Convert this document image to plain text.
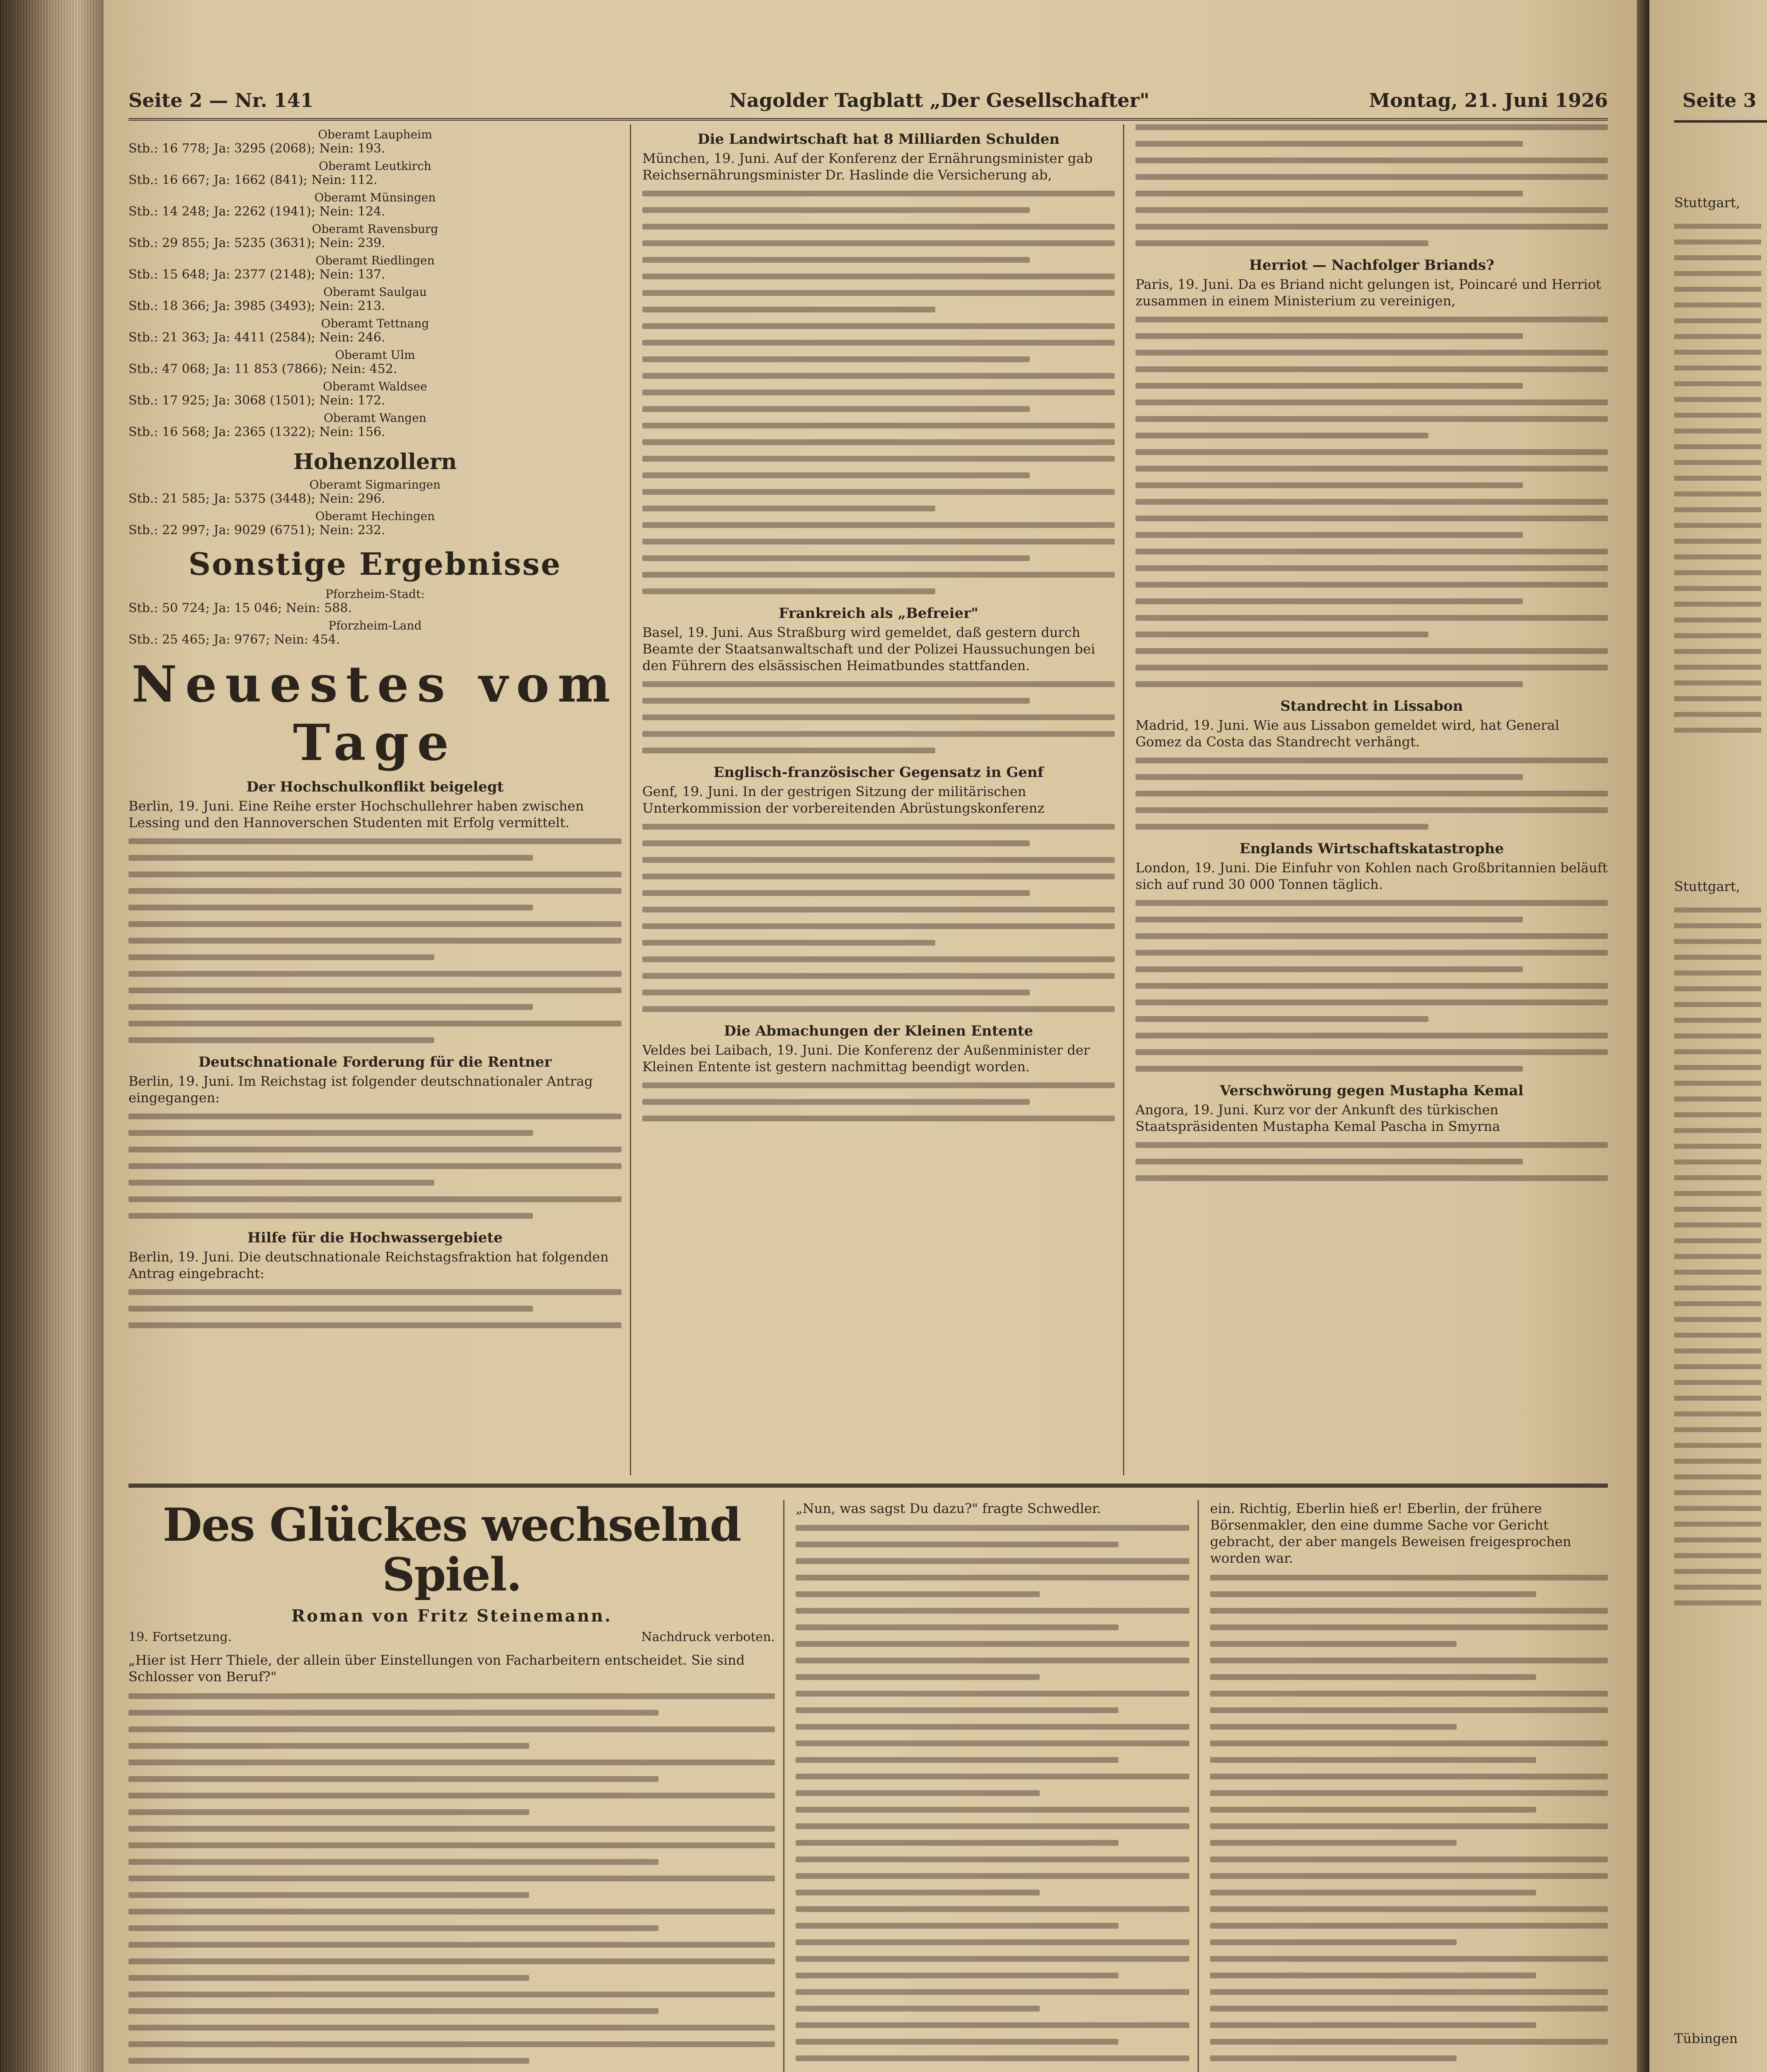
Seite 2 — Nr. 141	Nagolder Tagblatt „Der Gesellschafter"	Montag, 21. Juni 1926
Oberamt Laupheim
Stb.: 16 778; Ja: 3295 (2068); Nein: 193.
Oberamt Leutkirch
Stb.: 16 667; Ja: 1662 (841); Nein: 112.
Oberamt Münsingen
Stb.: 14 248; Ja: 2262 (1941); Nein: 124.
Oberamt Ravensburg
Stb.: 29 855; Ja: 5235 (3631); Nein: 239.
Oberamt Riedlingen
Stb.: 15 648; Ja: 2377 (2148); Nein: 137.
Oberamt Saulgau
Stb.: 18 366; Ja: 3985 (3493); Nein: 213.
Oberamt Tettnang
Stb.: 21 363; Ja: 4411 (2584); Nein: 246.
Oberamt Ulm
Stb.: 47 068; Ja: 11 853 (7866); Nein: 452.
Oberamt Waldsee
Stb.: 17 925; Ja: 3068 (1501); Nein: 172.
Oberamt Wangen
Stb.: 16 568; Ja: 2365 (1322); Nein: 156.
Hohenzollern
Oberamt Sigmaringen
Stb.: 21 585; Ja: 5375 (3448); Nein: 296.
Oberamt Hechingen
Stb.: 22 997; Ja: 9029 (6751); Nein: 232.
Sonstige Ergebnisse
Pforzheim-Stadt:
Stb.: 50 724; Ja: 15 046; Nein: 588.
Pforzheim-Land
Stb.: 25 465; Ja: 9767; Nein: 454.
Neuestes vom Tage
Der Hochschulkonflikt beigelegt
Berlin, 19. Juni. Eine Reihe erster Hochschullehrer haben zwischen Lessing und den Hannoverschen Studenten mit Erfolg vermittelt.
Deutschnationale Forderung für die Rentner
Berlin, 19. Juni. Im Reichstag ist folgender deutschnationaler Antrag eingegangen:
Hilfe für die Hochwassergebiete
Berlin, 19. Juni. Die deutschnationale Reichstagsfraktion hat folgenden Antrag eingebracht:
Die Landwirtschaft hat 8 Milliarden Schulden
München, 19. Juni. Auf der Konferenz der Ernährungsminister gab Reichsernährungsminister Dr. Haslinde die Versicherung ab,
Frankreich als „Befreier"
Basel, 19. Juni. Aus Straßburg wird gemeldet, daß gestern durch Beamte der Staatsanwaltschaft und der Polizei Haussuchungen bei den Führern des elsässischen Heimatbundes stattfanden.
Englisch-französischer Gegensatz in Genf
Genf, 19. Juni. In der gestrigen Sitzung der militärischen Unterkommission der vorbereitenden Abrüstungskonferenz
Die Abmachungen der Kleinen Entente
Veldes bei Laibach, 19. Juni. Die Konferenz der Außenminister der Kleinen Entente ist gestern nachmittag beendigt worden.
Herriot — Nachfolger Briands?
Paris, 19. Juni. Da es Briand nicht gelungen ist, Poincaré und Herriot zusammen in einem Ministerium zu vereinigen,
Standrecht in Lissabon
Madrid, 19. Juni. Wie aus Lissabon gemeldet wird, hat General Gomez da Costa das Standrecht verhängt.
Englands Wirtschaftskatastrophe
London, 19. Juni. Die Einfuhr von Kohlen nach Großbritannien beläuft sich auf rund 30 000 Tonnen täglich.
Verschwörung gegen Mustapha Kemal
Angora, 19. Juni. Kurz vor der Ankunft des türkischen Staatspräsidenten Mustapha Kemal Pascha in Smyrna
Des Glückes wechselnd Spiel.
Roman von Fritz Steinemann.
19. Fortsetzung.	Nachdruck verboten.
„Hier ist Herr Thiele, der allein über Einstellungen von Facharbeitern entscheidet. Sie sind Schlosser von Beruf?"
„Nun, was sagst Du dazu?" fragte Schwedler.	ein. Richtig, Eberlin hieß er! Eberlin, der frühere Börsenmakler, den eine dumme Sache vor Gericht gebracht, der aber mangels Beweisen freigesprochen worden war.
Seite 3
Stuttgart,
Stuttgart,
Tübingen
